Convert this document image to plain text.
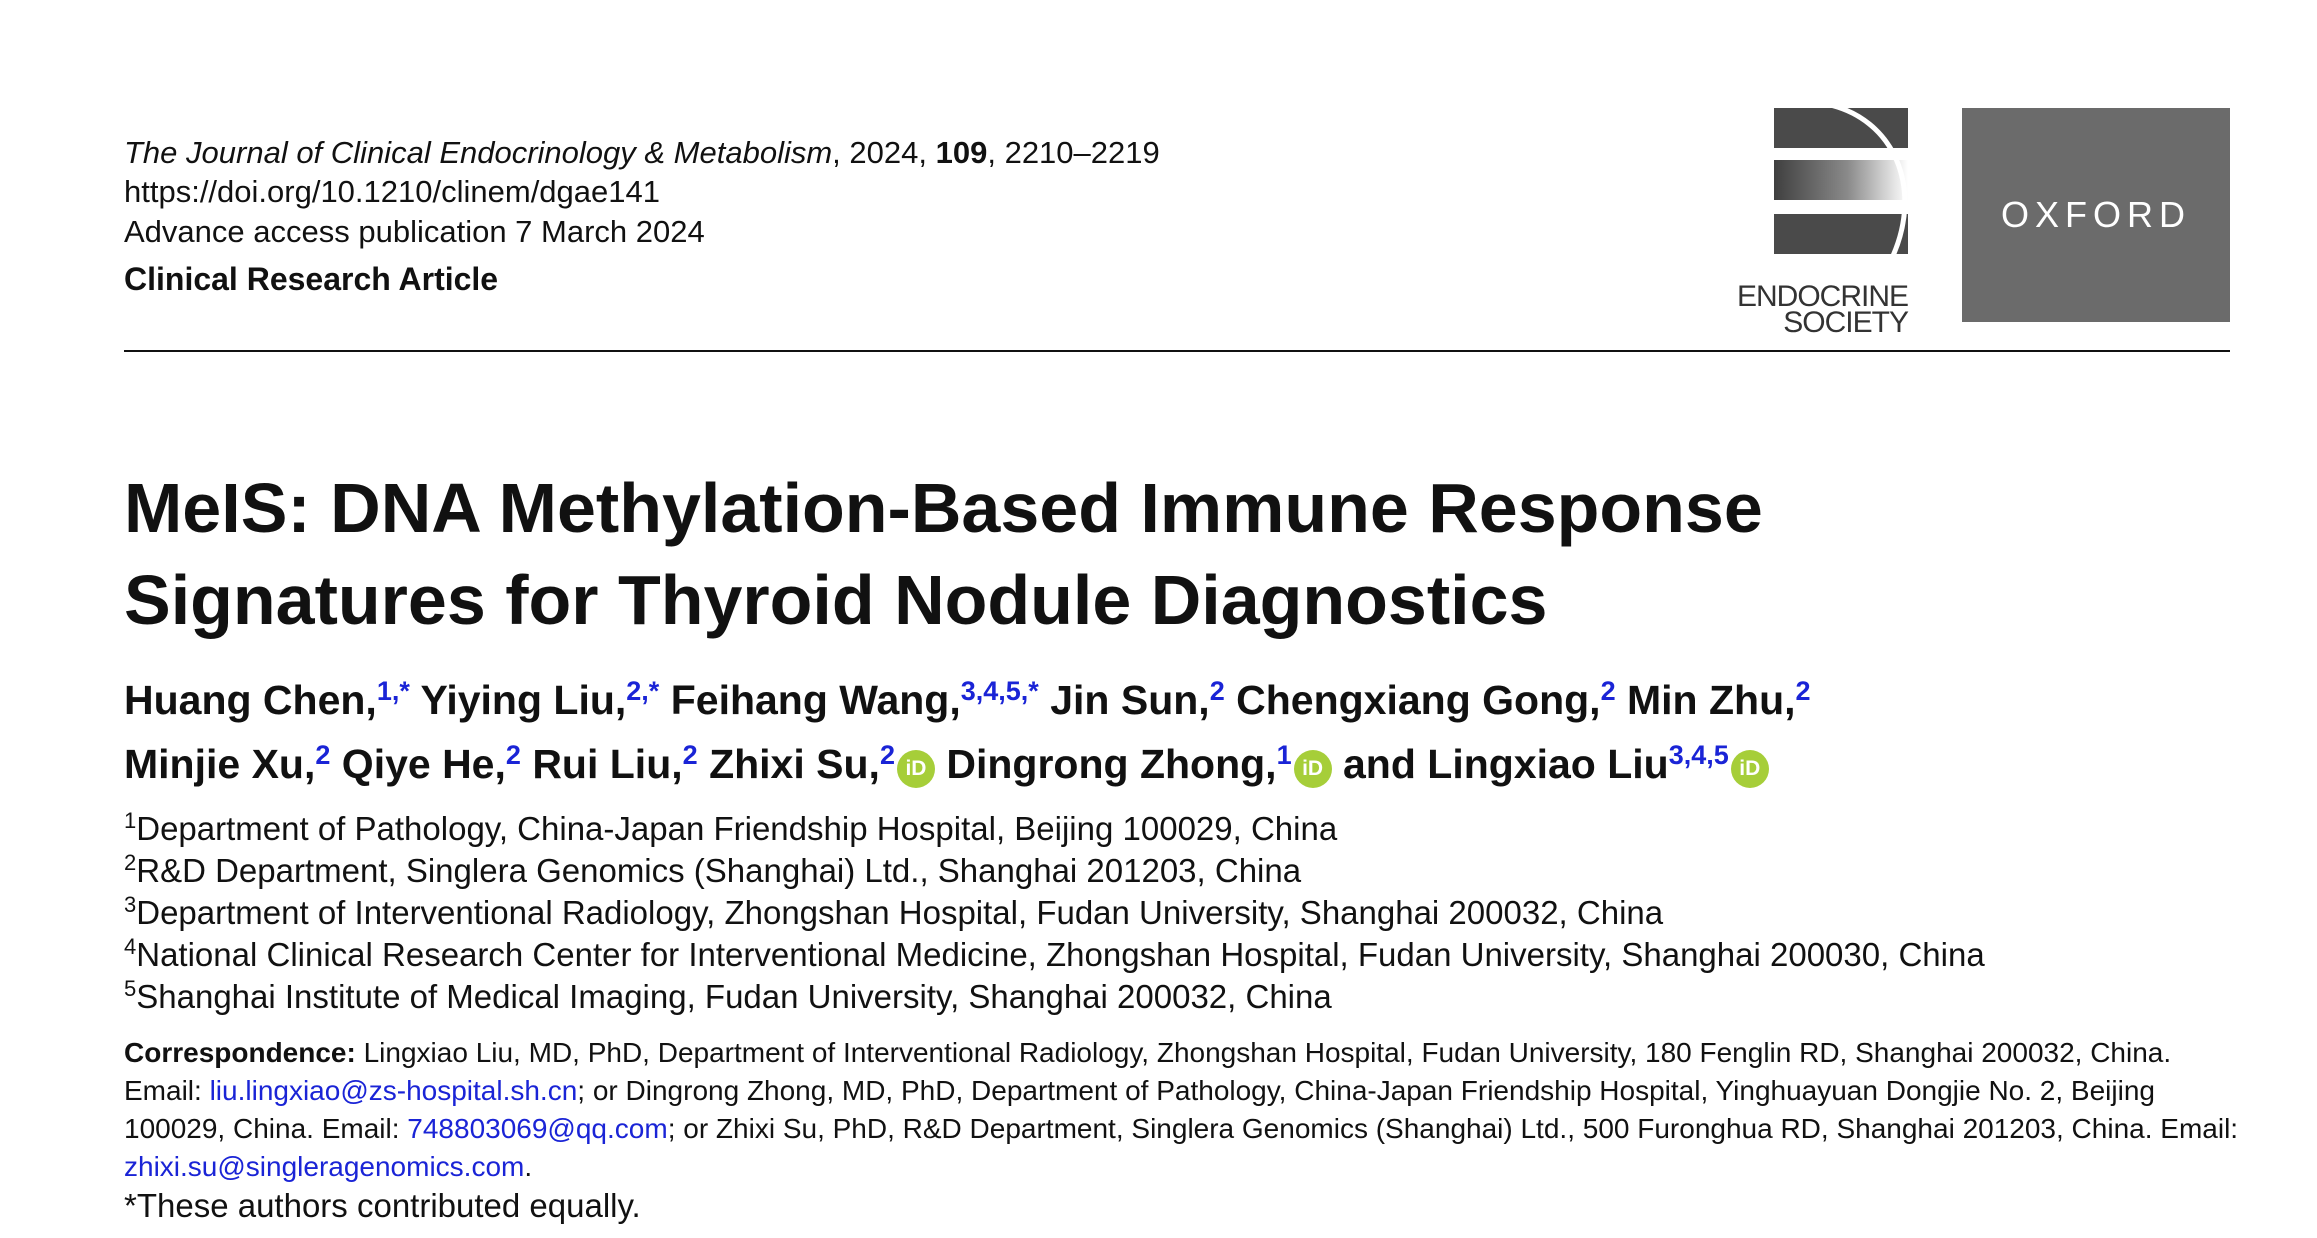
The Journal of Clinical Endocrinology & Metabolism, 2024, 109, 2210–2219
https://doi.org/10.1210/clinem/dgae141
Advance access publication 7 March 2024
Clinical Research Article	ENDOCRINE
SOCIETY
OXFORD
MeIS: DNA Methylation-Based Immune Response
Signatures for Thyroid Nodule Diagnostics
Huang Chen,$^{1,*}$ Yiying Liu,$^{2,*}$ Feihang Wang,$^{3,4,5,*}$ Jin Sun,$^2$ Chengxiang Gong,$^2$ Min Zhu,$^2$
Minjie Xu,$^2$ Qiye He,$^2$ Rui Liu,$^2$ Zhixi Su,$^2$ iD Dingrong Zhong,$^1$ iD and Lingxiao Liu$^{3,4,5}$ iD
$^1$Department of Pathology, China-Japan Friendship Hospital, Beijing 100029, China
$^2$R&D Department, Singlera Genomics (Shanghai) Ltd., Shanghai 201203, China
$^3$Department of Interventional Radiology, Zhongshan Hospital, Fudan University, Shanghai 200032, China
$^4$National Clinical Research Center for Interventional Medicine, Zhongshan Hospital, Fudan University, Shanghai 200030, China
$^5$Shanghai Institute of Medical Imaging, Fudan University, Shanghai 200032, China
Correspondence: Lingxiao Liu, MD, PhD, Department of Interventional Radiology, Zhongshan Hospital, Fudan University, 180 Fenglin RD, Shanghai 200032, China. Email: liu.lingxiao@zs-hospital.sh.cn; or Dingrong Zhong, MD, PhD, Department of Pathology, China-Japan Friendship Hospital, Yinghuayuan Dongjie No. 2, Beijing 100029, China. Email: 748803069@qq.com; or Zhixi Su, PhD, R&D Department, Singlera Genomics (Shanghai) Ltd., 500 Furonghua RD, Shanghai 201203, China. Email: zhixi.su@singleragenomics.com.
*These authors contributed equally.
